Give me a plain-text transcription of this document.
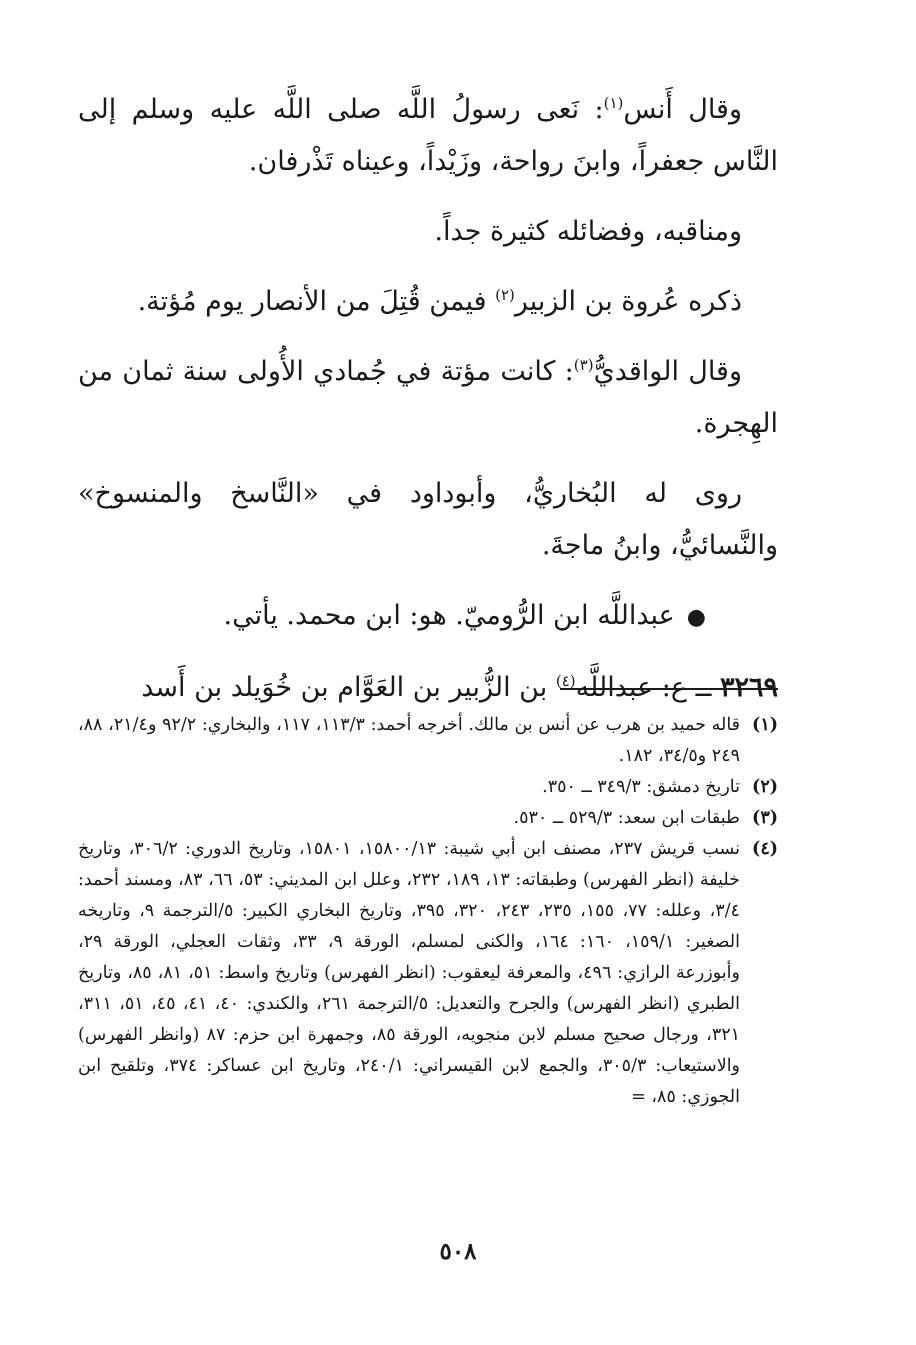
وقال أَنس$^{(١)}$: نَعى رسولُ اللَّه صلى اللَّه عليه وسلم إلى النَّاس جعفراً، وابنَ رواحة، وزَيْداً، وعيناه تَذْرفان.

ومناقبه، وفضائله كثيرة جداً.

ذكره عُروة بن الزبير$^{(٢)}$ فيمن قُتِلَ من الأنصار يوم مُؤتة.

وقال الواقديُّ$^{(٣)}$: كانت مؤتة في جُمادي الأُولى سنة ثمان من الهِجرة.

روى له البُخاريُّ، وأبوداود في «النَّاسخ والمنسوخ» والنَّسائيُّ، وابنُ ماجةَ.

●عبداللَّه ابن الرُّوميّ. هو: ابن محمد. يأتي.

٣٢٦٩ ــ ع: عبداللَّه$^{(٤)}$ بن الزُّبير بن العَوَّام بن خُوَيلد بن أَسد

(١)
قاله حميد بن هرب عن أنس بن مالك. أخرجه أحمد: ١١٣/٣، ١١٧، والبخاري: ٩٢/٢ و٢١/٤، ٨٨، ٢٤٩ و٣٤/٥، ١٨٢.
(٢)
تاريخ دمشق: ٣٤٩/٣ ــ ٣٥٠.
(٣)
طبقات ابن سعد: ٥٢٩/٣ ــ ٥٣٠.
(٤)
نسب قريش ٢٣٧، مصنف ابن أبي شيبة: ١٥٨٠٠/١٣، ١٥٨٠١، وتاريخ الدوري: ٣٠٦/٢، وتاريخ خليفة (انظر الفهرس) وطبقاته: ١٣، ١٨٩، ٢٣٢، وعلل ابن المديني: ٥٣، ٦٦، ٨٣، ومسند أحمد: ٣/٤، وعلله: ٧٧، ١٥٥، ٢٣٥، ٢٤٣، ٣٢٠، ٣٩٥، وتاريخ البخاري الكبير: ٥/الترجمة ٩، وتاريخه الصغير: ١٥٩/١، ١٦٠: ١٦٤، والكنى لمسلم، الورقة ٩، ٣٣، وثقات العجلي، الورقة ٢٩، وأبوزرعة الرازي: ٤٩٦، والمعرفة ليعقوب: (انظر الفهرس) وتاريخ واسط: ٥١، ٨١، ٨٥، وتاريخ الطبري (انظر الفهرس) والجرح والتعديل: ٥/الترجمة ٢٦١، والكندي: ٤٠، ٤١، ٤٥، ٥١، ٣١١، ٣٢١، ورجال صحيح مسلم لابن منجويه، الورقة ٨٥، وجمهرة ابن حزم: ٨٧ (وانظر الفهرس) والاستيعاب: ٣٠٥/٣، والجمع لابن القيسراني: ٢٤٠/١، وتاريخ ابن عساكر: ٣٧٤، وتلقيح ابن الجوزي: ٨٥، =
٥٠٨
